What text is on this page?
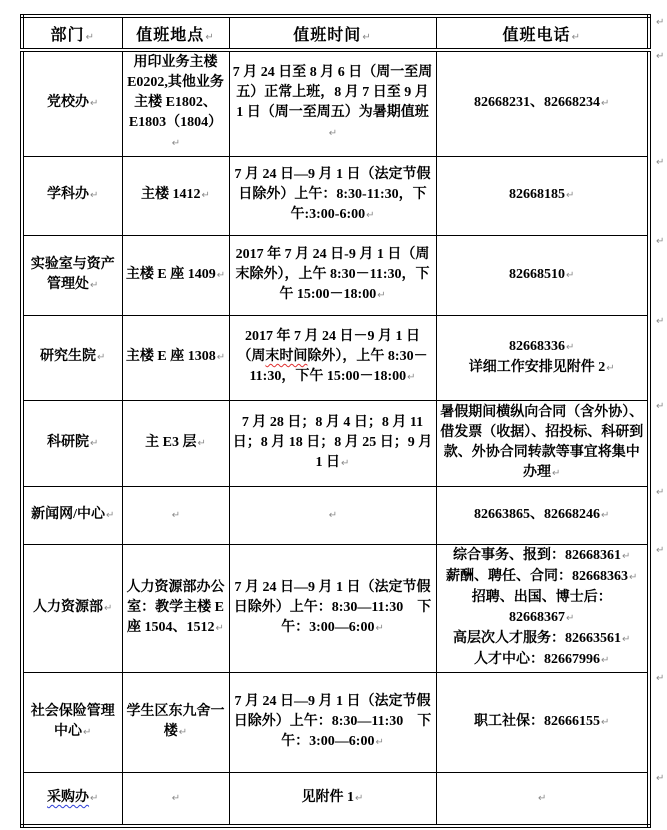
部门↵	值班地点↵	值班时间↵	值班电话↵

党校办↵	用印业务主楼 E0202,其他业务主楼 E1802、E1803（1804）↵	7 月 24 日至 8 月 6 日（周一至周五）正常上班，8 月 7 日至 9 月 1 日（周一至周五）为暑期值班↵	82668231、82668234↵

学科办↵	主楼 1412↵	7 月 24 日—9 月 1 日（法定节假日除外）上午：8:30-11:30，下午:3:00-6:00↵	82668185↵

实验室与资产管理处↵	主楼 E 座 1409↵	2017 年 7 月 24 日-9 月 1 日（周末除外），上午 8:30－11:30，下午 15:00－18:00↵	82668510↵

研究生院↵	主楼 E 座 1308↵	2017 年 7 月 24 日－9 月 1 日（周末时间除外），上午 8:30－11:30，下午 15:00－18:00↵	82668336↵
详细工作安排见附件 2↵

科研院↵	主 E3 层↵	7 月 28 日；8 月 4 日；8 月 11 日；8 月 18 日；8 月 25 日；9 月 1 日↵	暑假期间横纵向合同（含外协）、借发票（收据）、招投标、科研到款、外协合同转款等事宜将集中办理↵

新闻网/中心↵	↵	↵	82663865、82668246↵

人力资源部↵	人力资源部办公室：教学主楼 E 座 1504、1512↵	7 月 24 日—9 月 1 日（法定节假日除外）上午：8:30—11:30　下午：3:00—6:00↵	综合事务、报到：82668361↵
薪酬、聘任、合同：82668363↵
招聘、出国、博士后：82668367↵
高层次人才服务：82663561↵
人才中心：82667996↵

社会保险管理中心↵	学生区东九舍一楼↵	7 月 24 日—9 月 1 日（法定节假日除外）上午：8:30—11:30　下午：3:00—6:00↵	职工社保：82666155↵

采购办↵	↵	见附件 1↵	↵
↵
↵
↵
↵
↵
↵
↵
↵
↵
↵
